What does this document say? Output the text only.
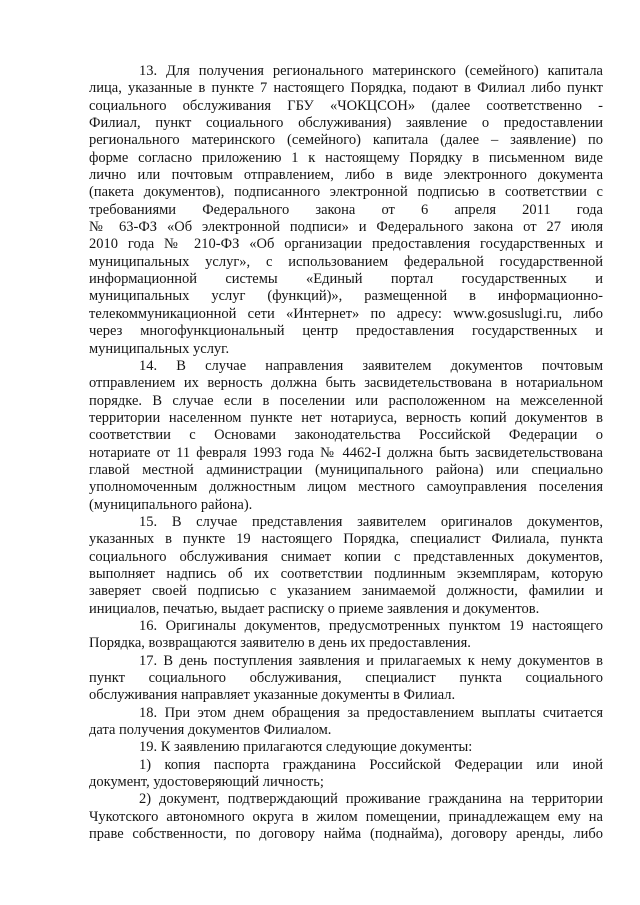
13. Для получения регионального материнского (семейного) капитала
лица, указанные в пункте 7 настоящего Порядка, подают в Филиал либо пункт
социального обслуживания ГБУ «ЧОКЦСОН» (далее соответственно -
Филиал, пункт социального обслуживания) заявление о предоставлении
регионального материнского (семейного) капитала (далее – заявление) по
форме согласно приложению 1 к настоящему Порядку в письменном виде
лично или почтовым отправлением, либо в виде электронного документа
(пакета документов), подписанного электронной подписью в соответствии с
требованиями Федерального закона от 6 апреля 2011 года
№ 63-ФЗ «Об электронной подписи» и Федерального закона от 27 июля
2010 года № 210-ФЗ «Об организации предоставления государственных и
муниципальных услуг», с использованием федеральной государственной
информационной системы «Единый портал государственных и
муниципальных услуг (функций)», размещенной в информационно-
телекоммуникационной сети «Интернет» по адресу: www.gosuslugi.ru, либо
через многофункциональный центр предоставления государственных и
муниципальных услуг.
14. В случае направления заявителем документов почтовым
отправлением их верность должна быть засвидетельствована в нотариальном
порядке. В случае если в поселении или расположенном на межселенной
территории населенном пункте нет нотариуса, верность копий документов в
соответствии с Основами законодательства Российской Федерации о
нотариате от 11 февраля 1993 года № 4462-I должна быть засвидетельствована
главой местной администрации (муниципального района) или специально
уполномоченным должностным лицом местного самоуправления поселения
(муниципального района).
15. В случае представления заявителем оригиналов документов,
указанных в пункте 19 настоящего Порядка, специалист Филиала, пункта
социального обслуживания снимает копии с представленных документов,
выполняет надпись об их соответствии подлинным экземплярам, которую
заверяет своей подписью с указанием занимаемой должности, фамилии и
инициалов, печатью, выдает расписку о приеме заявления и документов.
16. Оригиналы документов, предусмотренных пунктом 19 настоящего
Порядка, возвращаются заявителю в день их предоставления.
17. В день поступления заявления и прилагаемых к нему документов в
пункт социального обслуживания, специалист пункта социального
обслуживания направляет указанные документы в Филиал.
18. При этом днем обращения за предоставлением выплаты считается
дата получения документов Филиалом.
19. К заявлению прилагаются следующие документы:
1) копия паспорта гражданина Российской Федерации или иной
документ, удостоверяющий личность;
2) документ, подтверждающий проживание гражданина на территории
Чукотского автономного округа в жилом помещении, принадлежащем ему на
праве собственности, по договору найма (поднайма), договору аренды, либо
